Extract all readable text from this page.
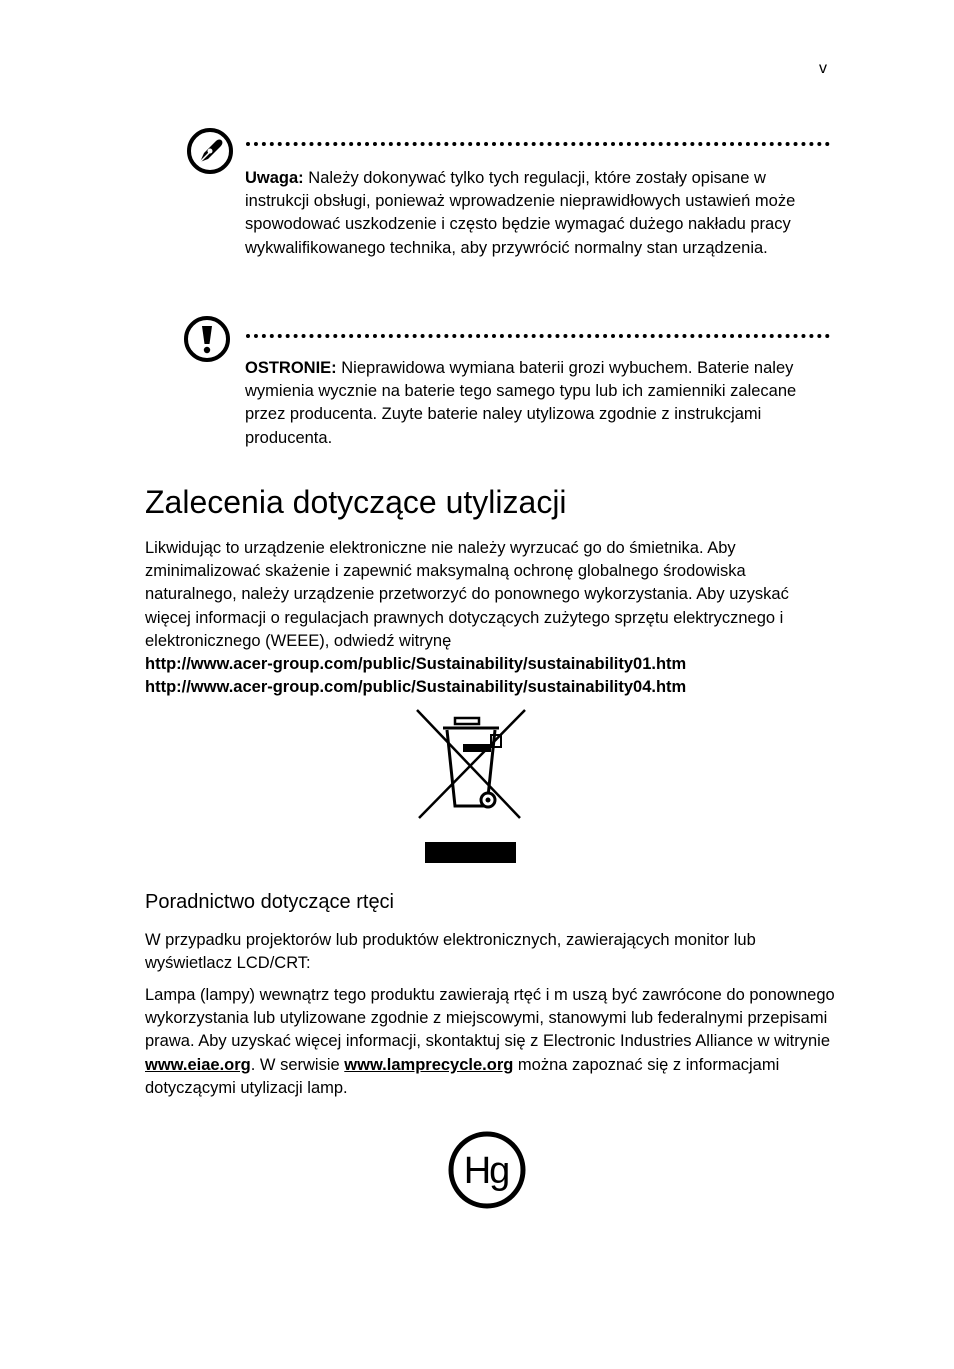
v
Uwaga: Należy dokonywać tylko tych regulacji, które zostały opisane w instrukcji obsługi, ponieważ wprowadzenie nieprawidłowych ustawień może spowodować uszkodzenie i często będzie wymagać dużego nakładu pracy wykwalifikowanego technika, aby przywrócić normalny stan urządzenia.
OSTRONIE: Nieprawidowa wymiana baterii grozi wybuchem. Baterie naley wymienia wycznie na baterie tego samego typu lub ich zamienniki zalecane przez producenta. Zuyte baterie naley utylizowa zgodnie z instrukcjami producenta.
Zalecenia dotyczące utylizacji
Likwidując to urządzenie elektroniczne nie należy wyrzucać go do śmietnika. Aby zminimalizować skażenie i zapewnić maksymalną ochronę globalnego środowiska naturalnego, należy urządzenie przetworzyć do ponownego wykorzystania. Aby uzyskać więcej informacji o regulacjach prawnych dotyczących zużytego sprzętu elektrycznego i elektronicznego (WEEE), odwiedź witrynę
http://www.acer-group.com/public/Sustainability/sustainability01.htm
http://www.acer-group.com/public/Sustainability/sustainability04.htm
Poradnictwo dotyczące rtęci

W przypadku projektorów lub produktów elektronicznych, zawierających monitor lub wyświetlacz LCD/CRT:

Lampa (lampy) wewnątrz tego produktu zawierają rtęć i m uszą być zawrócone do ponownego wykorzystania lub utylizowane zgodnie z miejscowymi, stanowymi lub federalnymi przepisami prawa. Aby uzyskać więcej informacji, skontaktuj się z Electronic Industries Alliance w witrynie www.eiae.org. W serwisie www.lamprecycle.org można zapoznać się z informacjami dotyczącymi utylizacji lamp.

Hg
